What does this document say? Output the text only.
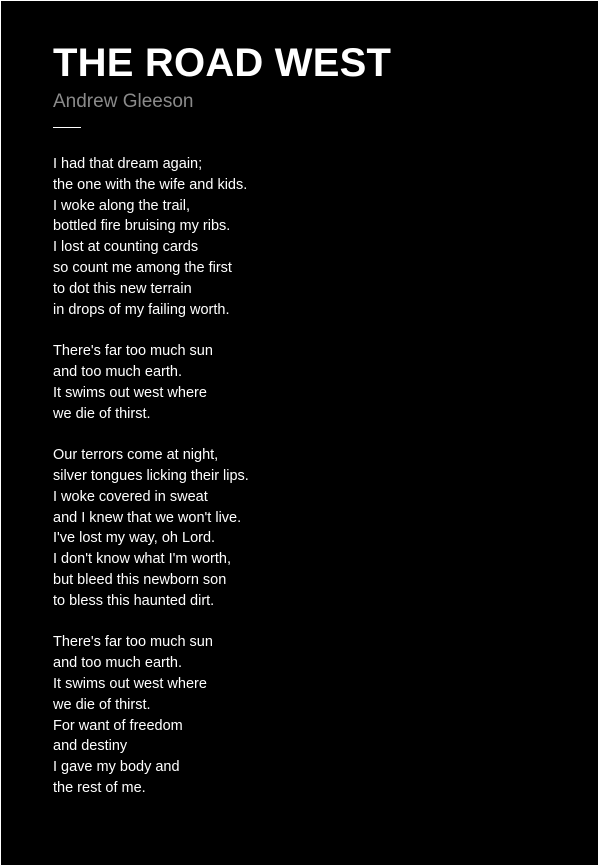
THE ROAD WEST

Andrew Gleeson

I had that dream again;
the one with the wife and kids.
I woke along the trail,
bottled fire bruising my ribs.
I lost at counting cards
so count me among the first
to dot this new terrain
in drops of my failing worth.
There's far too much sun
and too much earth.
It swims out west where
we die of thirst.
Our terrors come at night,
silver tongues licking their lips.
I woke covered in sweat
and I knew that we won't live.
I've lost my way, oh Lord.
I don't know what I'm worth,
but bleed this newborn son
to bless this haunted dirt.
There's far too much sun
and too much earth.
It swims out west where
we die of thirst.
For want of freedom
and destiny
I gave my body and
the rest of me.
